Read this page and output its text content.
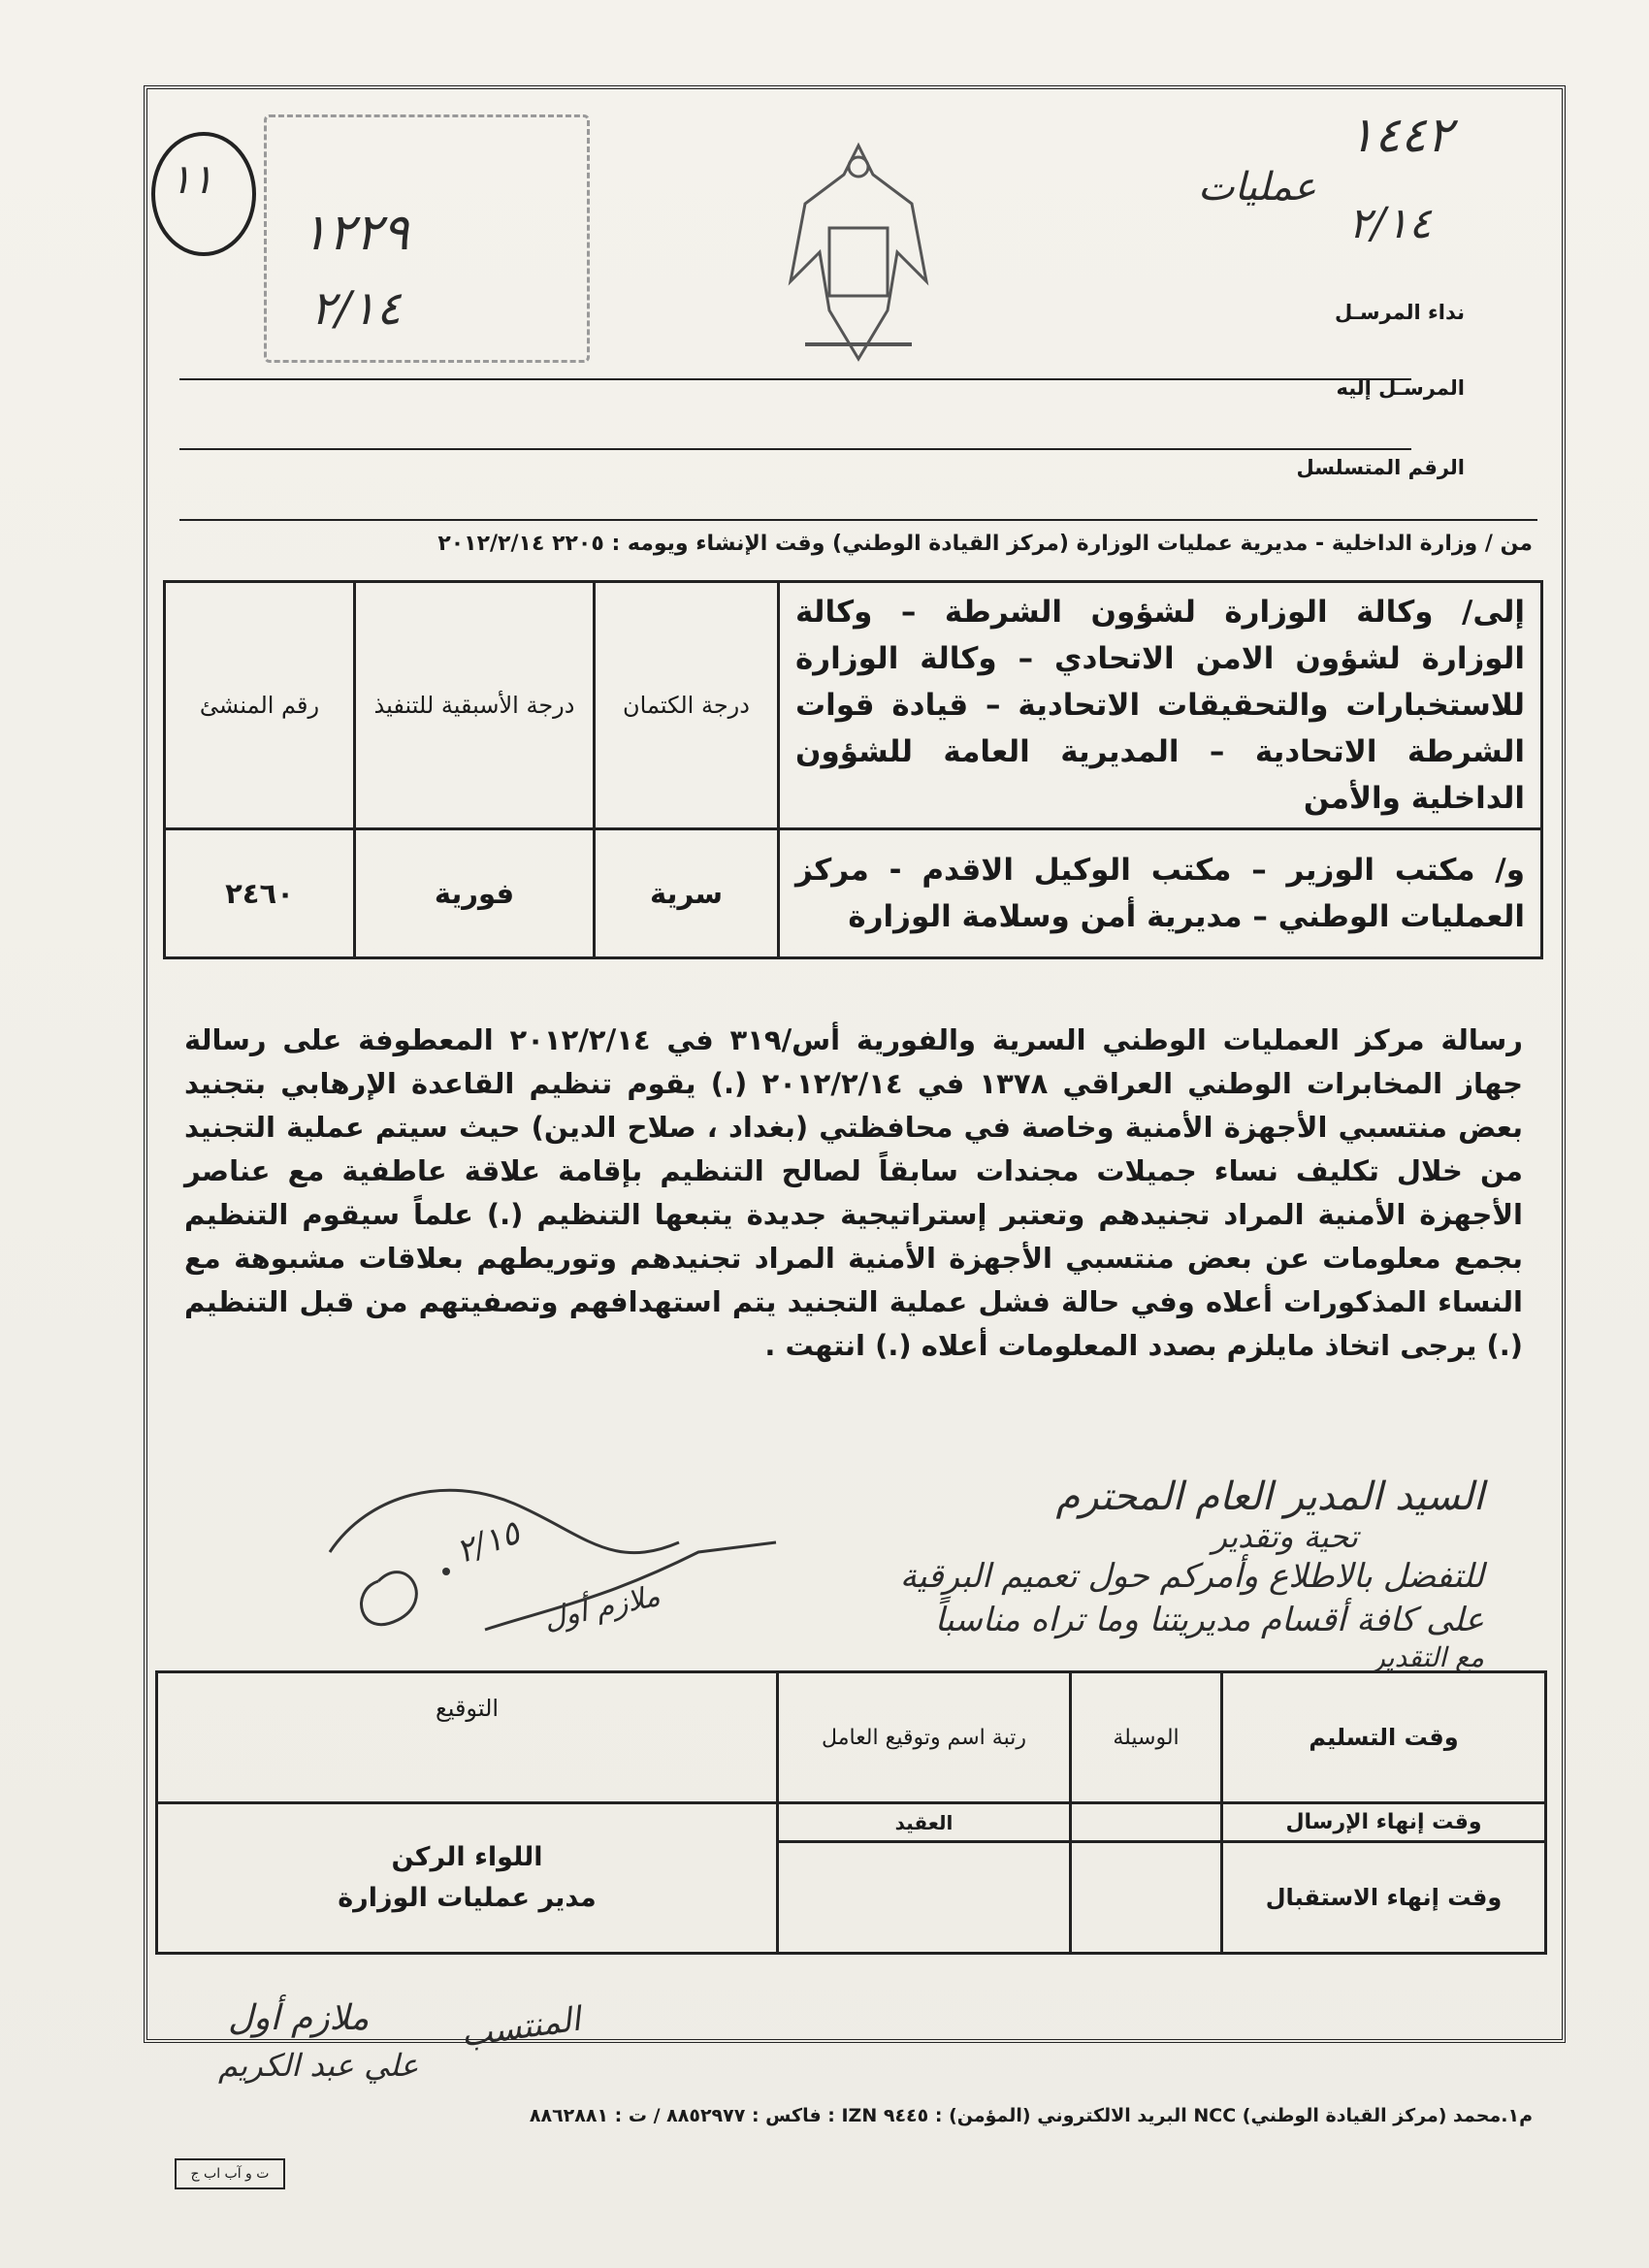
١١
١٢٢٩
٢/١٤
١٤٤٢
عمليات
٢/١٤
نداء المرسـل
المرسـل إليه
الرقم المتسلسل
من / وزارة الداخلية - مديرية عمليات الوزارة (مركز القيادة الوطني) وقت الإنشاء ويومه : ٢٢٠٥ ٢٠١٢/٢/١٤
رقم المنشئ	درجة الأسبقية للتنفيذ	درجة الكتمان	إلى/ وكالة الوزارة لشؤون الشرطة – وكالة الوزارة لشؤون الامن الاتحادي – وكالة الوزارة للاستخبارات والتحقيقات الاتحادية – قيادة قوات الشرطة الاتحادية – المديرية العامة للشؤون الداخلية والأمن
٢٤٦٠	فورية	سرية	و/ مكتب الوزير – مكتب الوكيل الاقدم - مركز العمليات الوطني – مديرية أمن وسلامة الوزارة
رسالة مركز العمليات الوطني السرية والفورية أس/٣١٩ في ٢٠١٢/٢/١٤ المعطوفة على رسالة جهاز المخابرات الوطني العراقي ١٣٧٨ في ٢٠١٢/٢/١٤ (.) يقوم تنظيم القاعدة الإرهابي بتجنيد بعض منتسبي الأجهزة الأمنية وخاصة في محافظتي (بغداد ، صلاح الدين) حيث سيتم عملية التجنيد من خلال تكليف نساء جميلات مجندات سابقاً لصالح التنظيم بإقامة علاقة عاطفية مع عناصر الأجهزة الأمنية المراد تجنيدهم وتعتبر إستراتيجية جديدة يتبعها التنظيم (.) علماً سيقوم التنظيم بجمع معلومات عن بعض منتسبي الأجهزة الأمنية المراد تجنيدهم وتوريطهم بعلاقات مشبوهة مع النساء المذكورات أعلاه وفي حالة فشل عملية التجنيد يتم استهدافهم وتصفيتهم من قبل التنظيم (.) يرجى اتخاذ مايلزم بصدد المعلومات أعلاه (.) انتهت .
السيد المدير العام المحترم
تحية وتقدير
للتفضل بالاطلاع وأمركم حول تعميم البرقية
على كافة أقسام مديريتنا وما تراه مناسباً
مع التقدير
ملازم أول
٢/١٥
التوقيع	رتبة اسم وتوقيع العامل	الوسيلة	وقت التسليم

اللواء الركن
مدير عمليات الوزارة	العقيد		وقت إنهاء الإرسال
			وقت إنهاء الاستقبال
ملازم أول
علي عبد الكريم
المنتسب
م١.محمد (مركز القيادة الوطني) NCC البريد الالكتروني (المؤمن) : ٩٤٤٥ IZN : فاكس : ٨٨٥٢٩٧٧ / ت : ٨٨٦٢٨٨١
ت و آب اب ج
